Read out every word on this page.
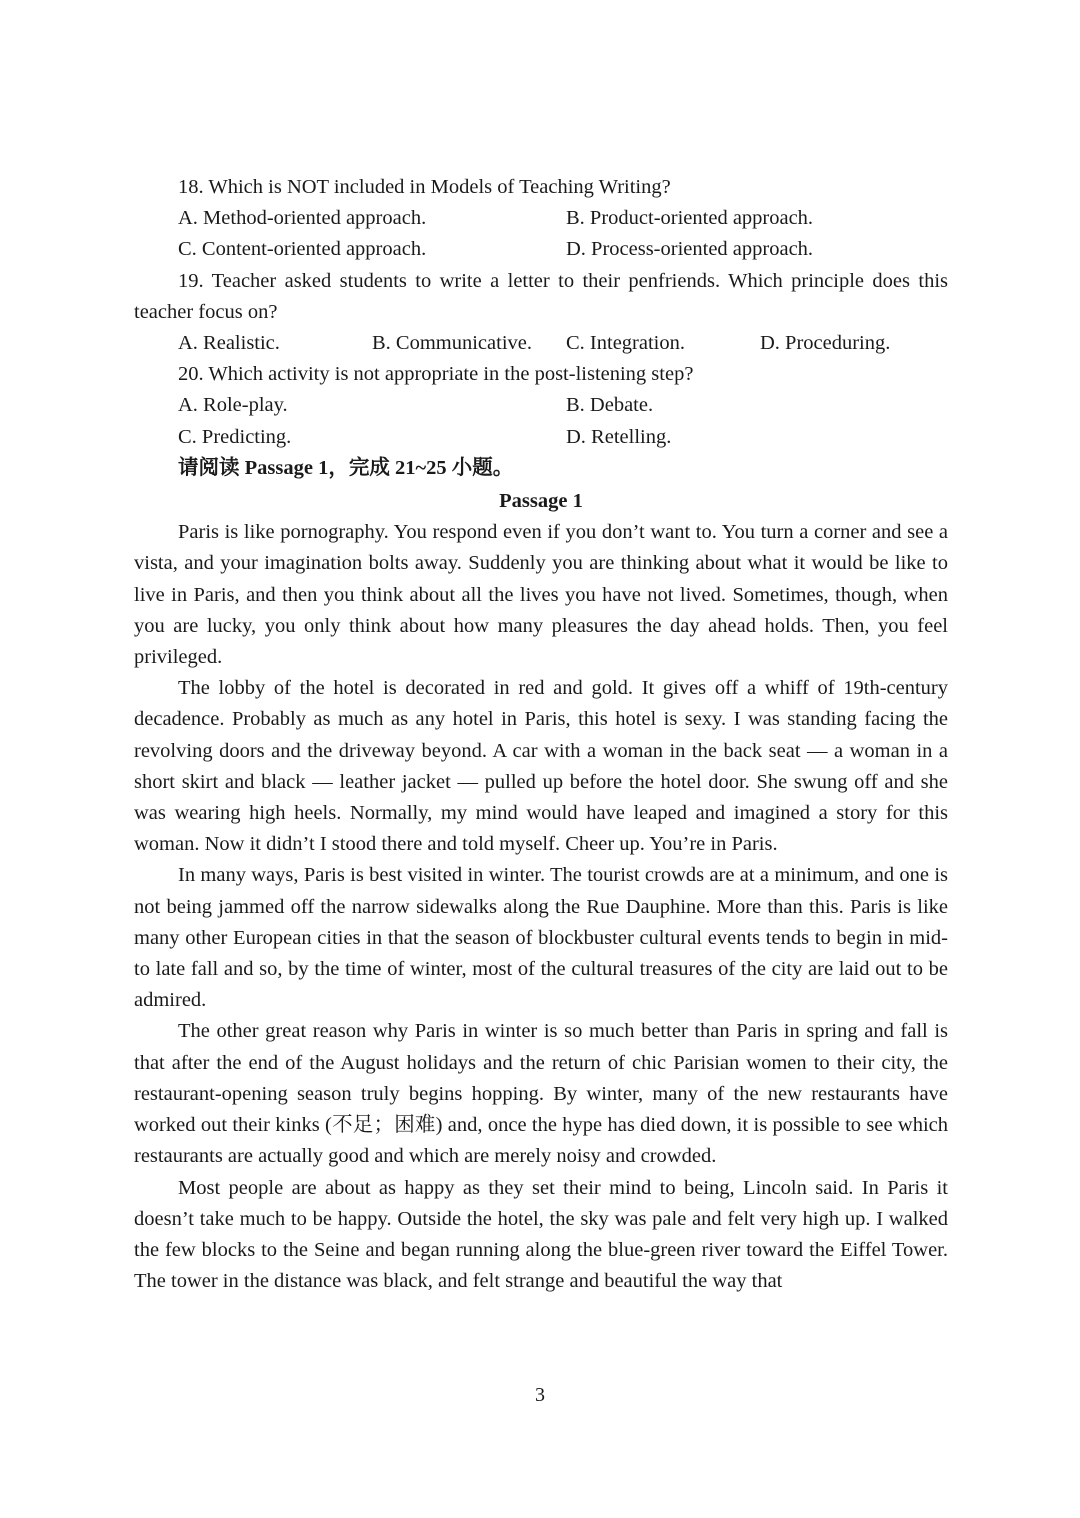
18. Which is NOT included in Models of Teaching Writing?

A. Method-oriented approach.	B. Product-oriented approach.
C. Content-oriented approach.	D. Process-oriented approach.

19. Teacher asked students to write a letter to their penfriends. Which principle does this teacher focus on?

A. Realistic.	B. Communicative.	C. Integration.	D. Proceduring.

20. Which activity is not appropriate in the post-listening step?

A. Role-play.	B. Debate.
C. Predicting.	D. Retelling.

请阅读 Passage 1，完成 21~25 小题。

Passage 1

Paris is like pornography. You respond even if you don’t want to. You turn a corner and see a vista, and your imagination bolts away. Suddenly you are thinking about what it would be like to live in Paris, and then you think about all the lives you have not lived. Sometimes, though, when you are lucky, you only think about how many pleasures the day ahead holds. Then, you feel privileged.

The lobby of the hotel is decorated in red and gold. It gives off a whiff of 19th-century decadence. Probably as much as any hotel in Paris, this hotel is sexy. I was standing facing the revolving doors and the driveway beyond. A car with a woman in the back seat — a woman in a short skirt and black — leather jacket — pulled up before the hotel door. She swung off and she was wearing high heels. Normally, my mind would have leaped and imagined a story for this woman. Now it didn’t I stood there and told myself. Cheer up. You’re in Paris.

In many ways, Paris is best visited in winter. The tourist crowds are at a minimum, and one is not being jammed off the narrow sidewalks along the Rue Dauphine. More than this. Paris is like many other European cities in that the season of blockbuster cultural events tends to begin in mid-to late fall and so, by the time of winter, most of the cultural treasures of the city are laid out to be admired.

The other great reason why Paris in winter is so much better than Paris in spring and fall is that after the end of the August holidays and the return of chic Parisian women to their city, the restaurant-opening season truly begins hopping. By winter, many of the new restaurants have worked out their kinks (不足；困难) and, once the hype has died down, it is possible to see which restaurants are actually good and which are merely noisy and crowded.

Most people are about as happy as they set their mind to being, Lincoln said. In Paris it doesn’t take much to be happy. Outside the hotel, the sky was pale and felt very high up. I walked the few blocks to the Seine and began running along the blue-green river toward the Eiffel Tower. The tower in the distance was black, and felt strange and beautiful the way that

3
